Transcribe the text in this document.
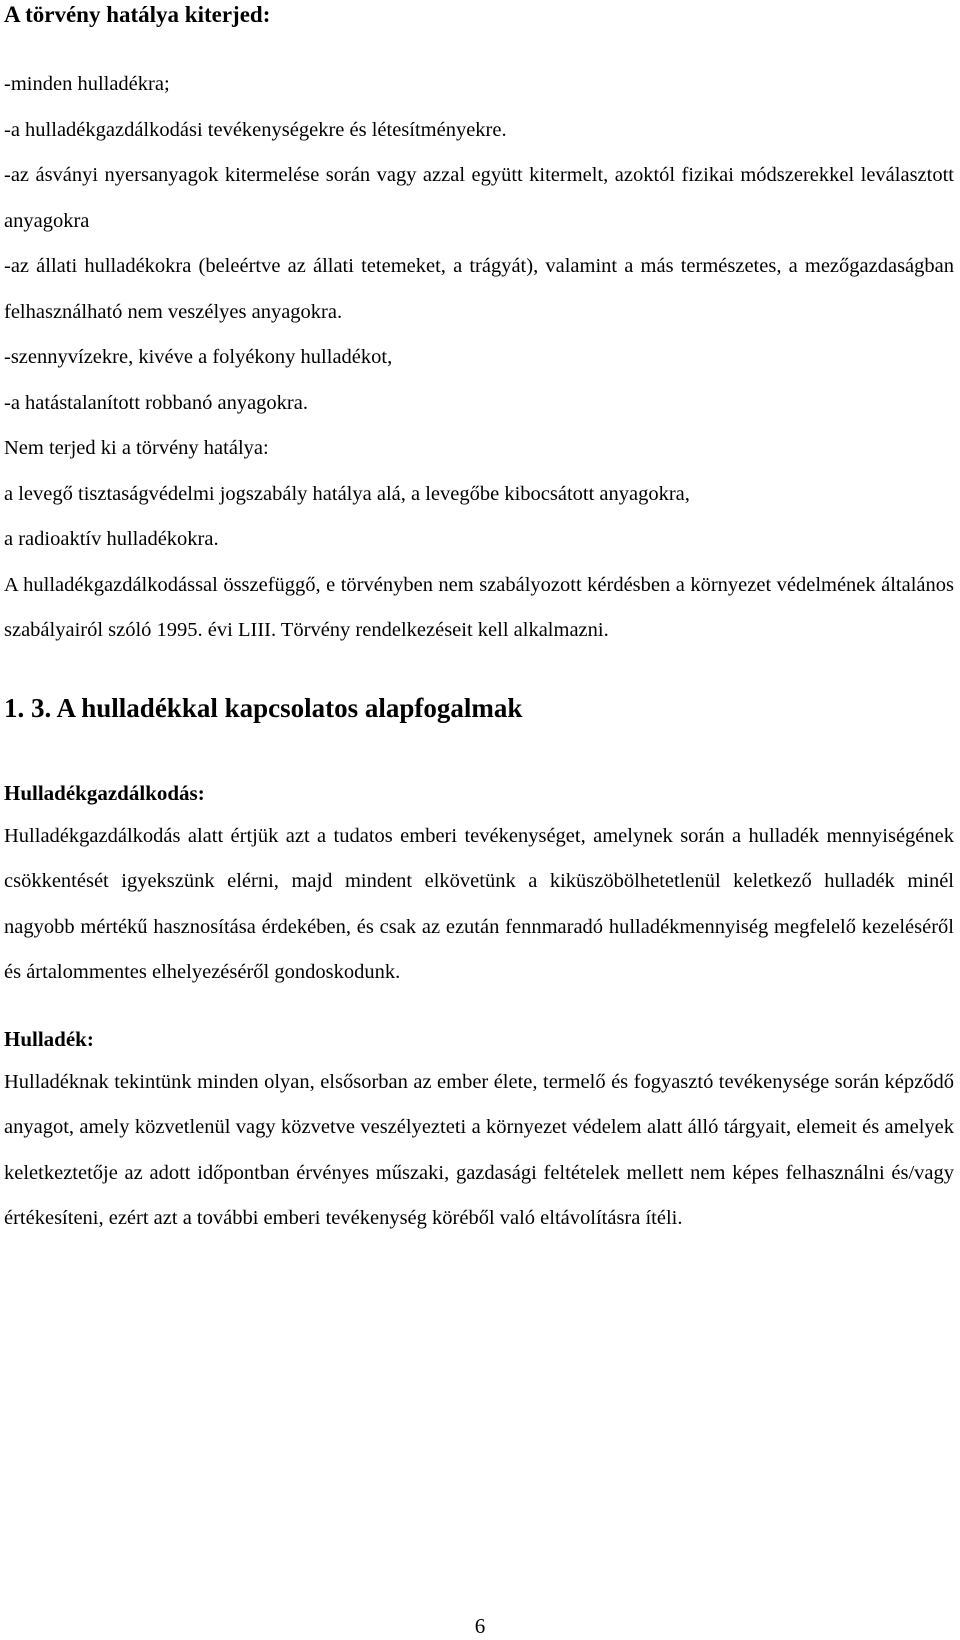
A törvény hatálya kiterjed:

-minden hulladékra;

-a hulladékgazdálkodási tevékenységekre és létesítményekre.

-az ásványi nyersanyagok kitermelése során vagy azzal együtt kitermelt, azoktól fizikai módszerekkel leválasztott anyagokra

-az állati hulladékokra (beleértve az állati tetemeket, a trágyát), valamint a más természetes, a mezőgazdaságban felhasználható nem veszélyes anyagokra.

-szennyvízekre, kivéve a folyékony hulladékot,

-a hatástalanított robbanó anyagokra.

Nem terjed ki a törvény hatálya:

a levegő tisztaságvédelmi jogszabály hatálya alá, a levegőbe kibocsátott anyagokra,

a radioaktív hulladékokra.

A hulladékgazdálkodással összefüggő, e törvényben nem szabályozott kérdésben a környezet védelmének általános szabályairól szóló 1995. évi LIII. Törvény rendelkezéseit kell alkalmazni.

1. 3. A hulladékkal kapcsolatos alapfogalmak
Hulladékgazdálkodás:

Hulladékgazdálkodás alatt értjük azt a tudatos emberi tevékenységet, amelynek során a hulladék mennyiségének csökkentését igyekszünk elérni, majd mindent elkövetünk a kiküszöbölhetetlenül keletkező hulladék minél nagyobb mértékű hasznosítása érdekében, és csak az ezután fennmaradó hulladékmennyiség megfelelő kezeléséről és ártalommentes elhelyezéséről gondoskodunk.

Hulladék:

Hulladéknak tekintünk minden olyan, elsősorban az ember élete, termelő és fogyasztó tevékenysége során képződő anyagot, amely közvetlenül vagy közvetve veszélyezteti a környezet védelem alatt álló tárgyait, elemeit és amelyek keletkeztetője az adott időpontban érvényes műszaki, gazdasági feltételek mellett nem képes felhasználni és/vagy értékesíteni, ezért azt a további emberi tevékenység köréből való eltávolításra ítéli.

6
